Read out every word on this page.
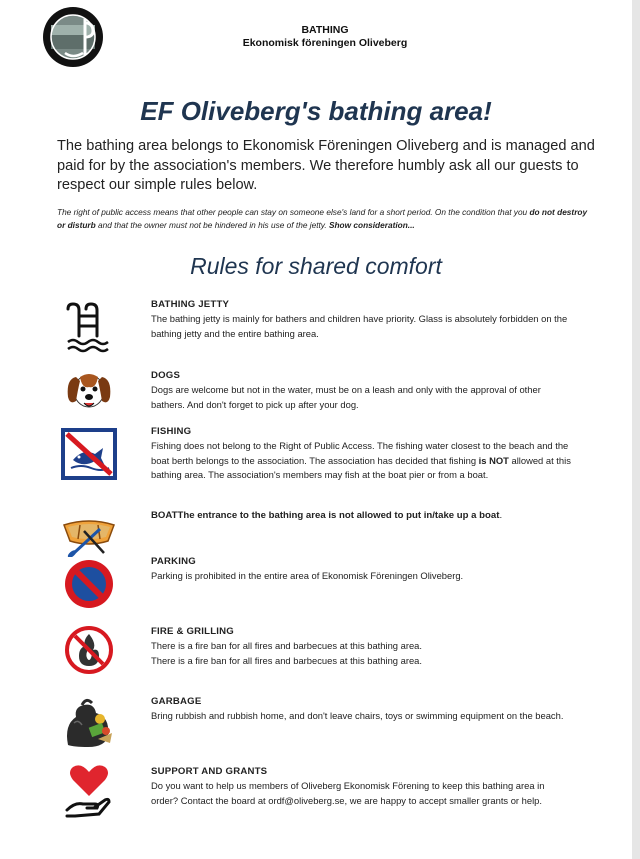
BATHING
Ekonomisk föreningen Oliveberg
EF Oliveberg's bathing area!
The bathing area belongs to Ekonomisk Föreningen Oliveberg and is managed and paid for by the association's members. We therefore humbly ask all our guests to respect our simple rules below.
The right of public access means that other people can stay on someone else's land for a short period. On the condition that you do not destroy or disturb and that the owner must not be hindered in his use of the jetty. Show consideration...
Rules for shared comfort
BATHING JETTY
The bathing jetty is mainly for bathers and children have priority. Glass is absolutely forbidden on the bathing jetty and the entire bathing area.
DOGS
Dogs are welcome but not in the water, must be on a leash and only with the approval of other bathers. And don't forget to pick up after your dog.
FISHING
Fishing does not belong to the Right of Public Access. The fishing water closest to the beach and the boat berth belongs to the association. The association has decided that fishing is NOT allowed at this bathing area. The association's members may fish at the boat pier or from a boat.
BOATThe entrance to the bathing area is not allowed to put in/take up a boat.
PARKING
Parking is prohibited in the entire area of Ekonomisk Föreningen Oliveberg.
FIRE & GRILLING
There is a fire ban for all fires and barbecues at this bathing area.
There is a fire ban for all fires and barbecues at this bathing area.
GARBAGE
Bring rubbish and rubbish home, and don't leave chairs, toys or swimming equipment on the beach.
SUPPORT AND GRANTS
Do you want to help us members of Oliveberg Ekonomisk Förening to keep this bathing area in order? Contact the board at ordf@oliveberg.se, we are happy to accept smaller grants or help.
